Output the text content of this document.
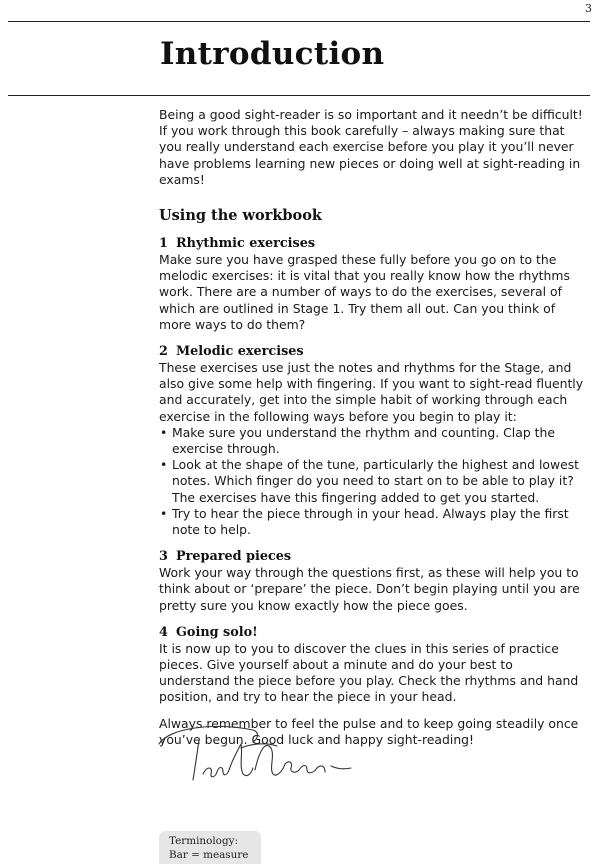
3
Introduction

Being a good sight-reader is so important and it needn’t be difficult! If you work through this book carefully – always making sure that you really understand each exercise before you play it you’ll never have problems learning new pieces or doing well at sight-reading in exams!

Using the workbook
1 Rhythmic exercises

Make sure you have grasped these fully before you go on to the melodic exercises: it is vital that you really know how the rhythms work. There are a number of ways to do the exercises, several of which are outlined in Stage 1. Try them all out. Can you think of more ways to do them?

2 Melodic exercises

These exercises use just the notes and rhythms for the Stage, and also give some help with fingering. If you want to sight-read fluently and accurately, get into the simple habit of working through each exercise in the following ways before you begin to play it:

• Make sure you understand the rhythm and counting. Clap the exercise through.
• Look at the shape of the tune, particularly the highest and lowest notes. Which finger do you need to start on to be able to play it? The exercises have this fingering added to get you started.
• Try to hear the piece through in your head. Always play the first note to help.
3 Prepared pieces

Work your way through the questions first, as these will help you to think about or ‘prepare’ the piece. Don’t begin playing until you are pretty sure you know exactly how the piece goes.

4 Going solo!

It is now up to you to discover the clues in this series of practice pieces. Give yourself about a minute and do your best to understand the piece before you play. Check the rhythms and hand position, and try to hear the piece in your head.

Always remember to feel the pulse and to keep going steadily once you’ve begun. Good luck and happy sight-reading!

Terminology:
Bar = measure
